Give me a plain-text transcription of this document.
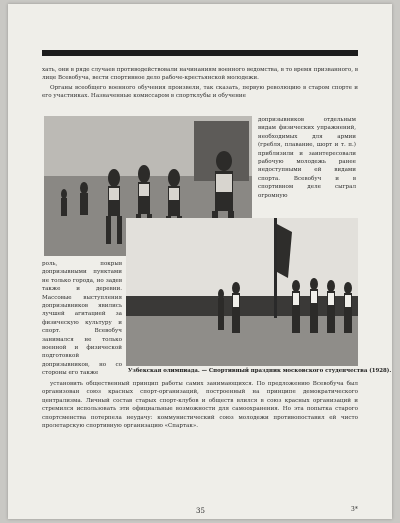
хать, они в ряде случаев противодействовали начинаниям военного ведомства, в то время призванного, в лице Всевобуча, вести спортивное дело рабоче-крестьянской молодежи.

Органы всеобщего военного обучения произвели, так сказать, первую революцию в старом спорте и его участниках. Назначенные комиссаром в спортклубы и обучение

допризывников отдельным видам физических упражнений, необходимых для армии (гребля, плавание, шорт и т. п.) приблизили и заинтересовали рабочую молодежь ранее недоступными ей видами спорта. Всевобуч и в спортивном деле сыграл огромную

роль, покрыв допризывными пунктами не только города, но задев также и деревни. Массовые выступления допризывников явились лучшей агитацией за физическую культуру и спорт. Всевобуч занимался не только военной и физической подготовкой допризывников, но со стороны его также	Узбекская олимпиада. — Спортивный праздник московского студенчества (1928).

установить общественный принцип работы самих занимающихся. По предложению Всевобуча был организован союз красных спорт-организаций, построенный на принципе демократического централизма. Личный состав старых спорт-клубов и обществ влился в союз красных организаций и стремился использовать эти официальные возможности для самоохранения. Но эта попытка старого спортсменства потерпела неудачу: коммунистический союз молодежи противопоставил ей чисто пролетарскую спортивную организацию «Спартак».

35	3*
